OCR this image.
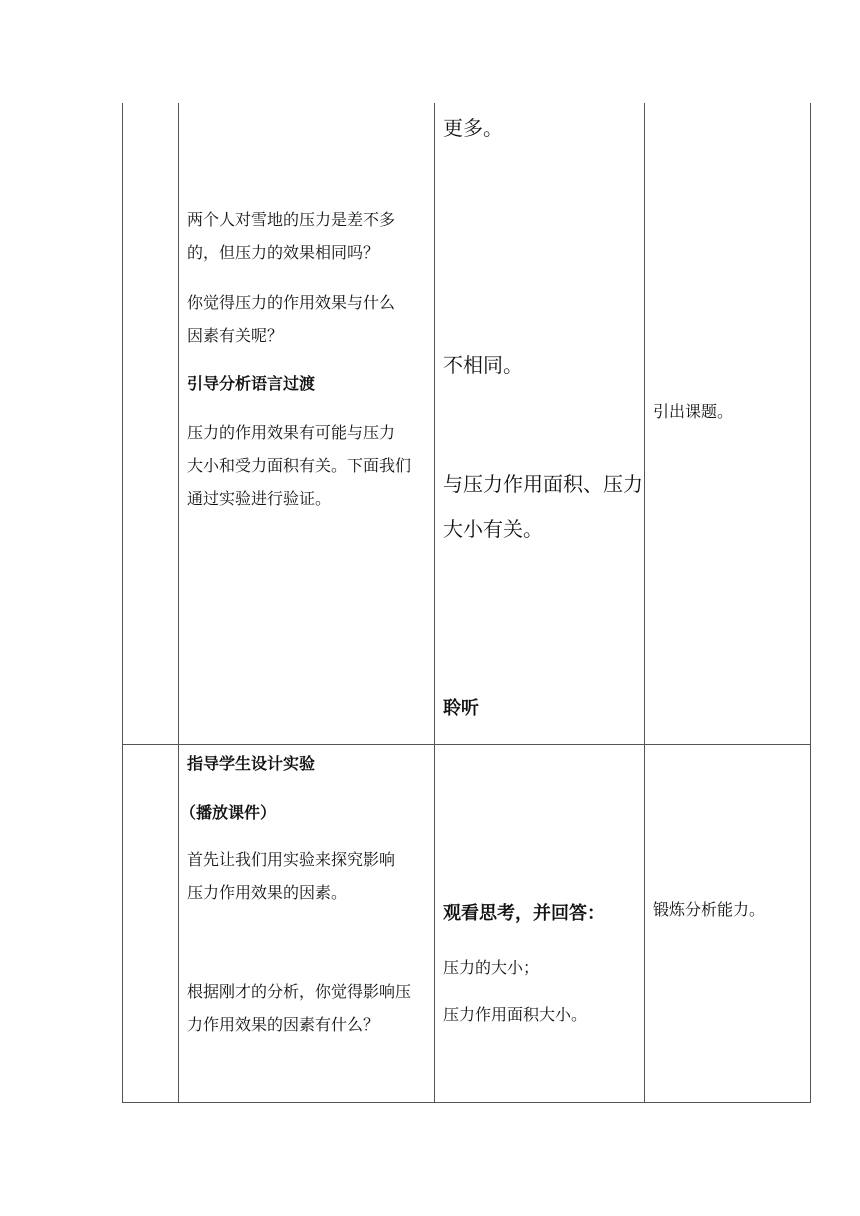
两个人对雪地的压力是差不多
的，但压力的效果相同吗？
你觉得压力的作用效果与什么
因素有关呢？
引导分析语言过渡
压力的作用效果有可能与压力
大小和受力面积有关。下面我们
通过实验进行验证。
更多。
不相同。
与压力作用面积、压力
大小有关。
聆听
引出课题。
指导学生设计实验
（播放课件）
首先让我们用实验来探究影响
压力作用效果的因素。
根据刚才的分析，你觉得影响压
力作用效果的因素有什么？
观看思考，并回答：
压力的大小；
压力作用面积大小。
锻炼分析能力。
